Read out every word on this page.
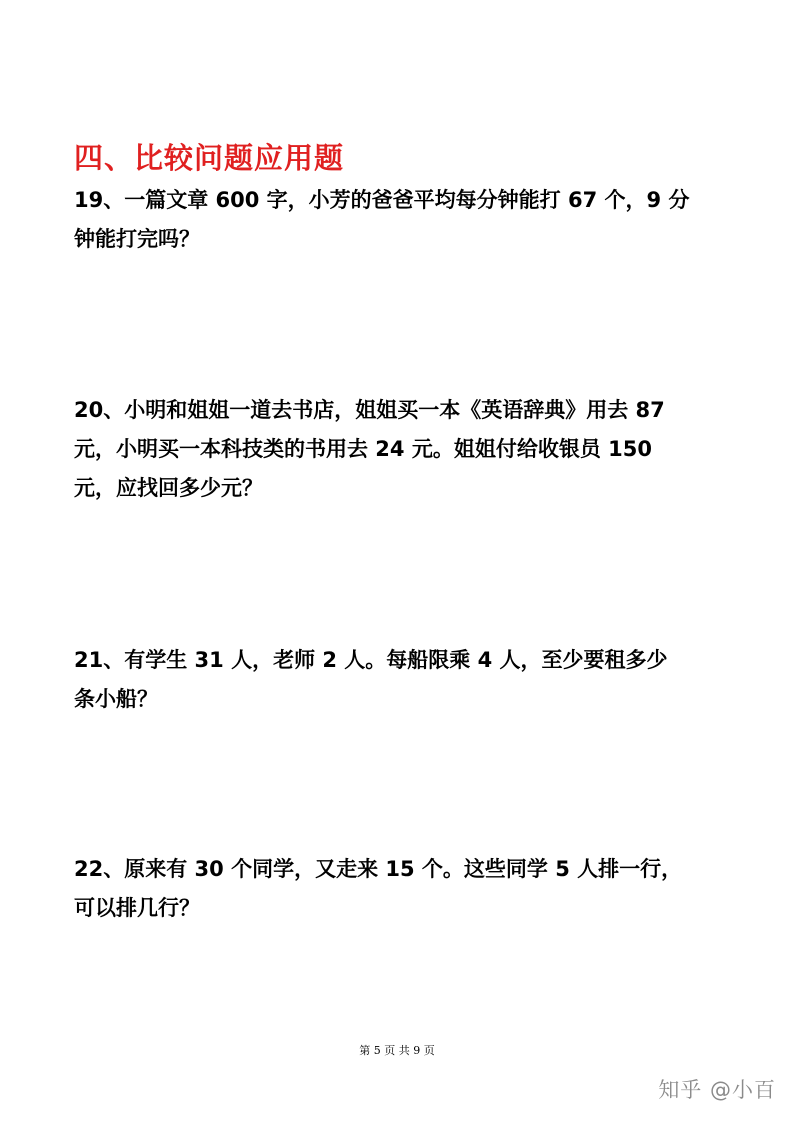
四、比较问题应用题
19、一篇文章 600 字，小芳的爸爸平均每分钟能打 67 个，9 分
钟能打完吗？
20、小明和姐姐一道去书店，姐姐买一本《英语辞典》用去 87
元，小明买一本科技类的书用去 24 元。姐姐付给收银员 150
元，应找回多少元？
21、有学生 31 人，老师 2 人。每船限乘 4 人，至少要租多少
条小船？
22、原来有 30 个同学，又走来 15 个。这些同学 5 人排一行，
可以排几行？
第 5 页 共 9 页
知乎 @小百
